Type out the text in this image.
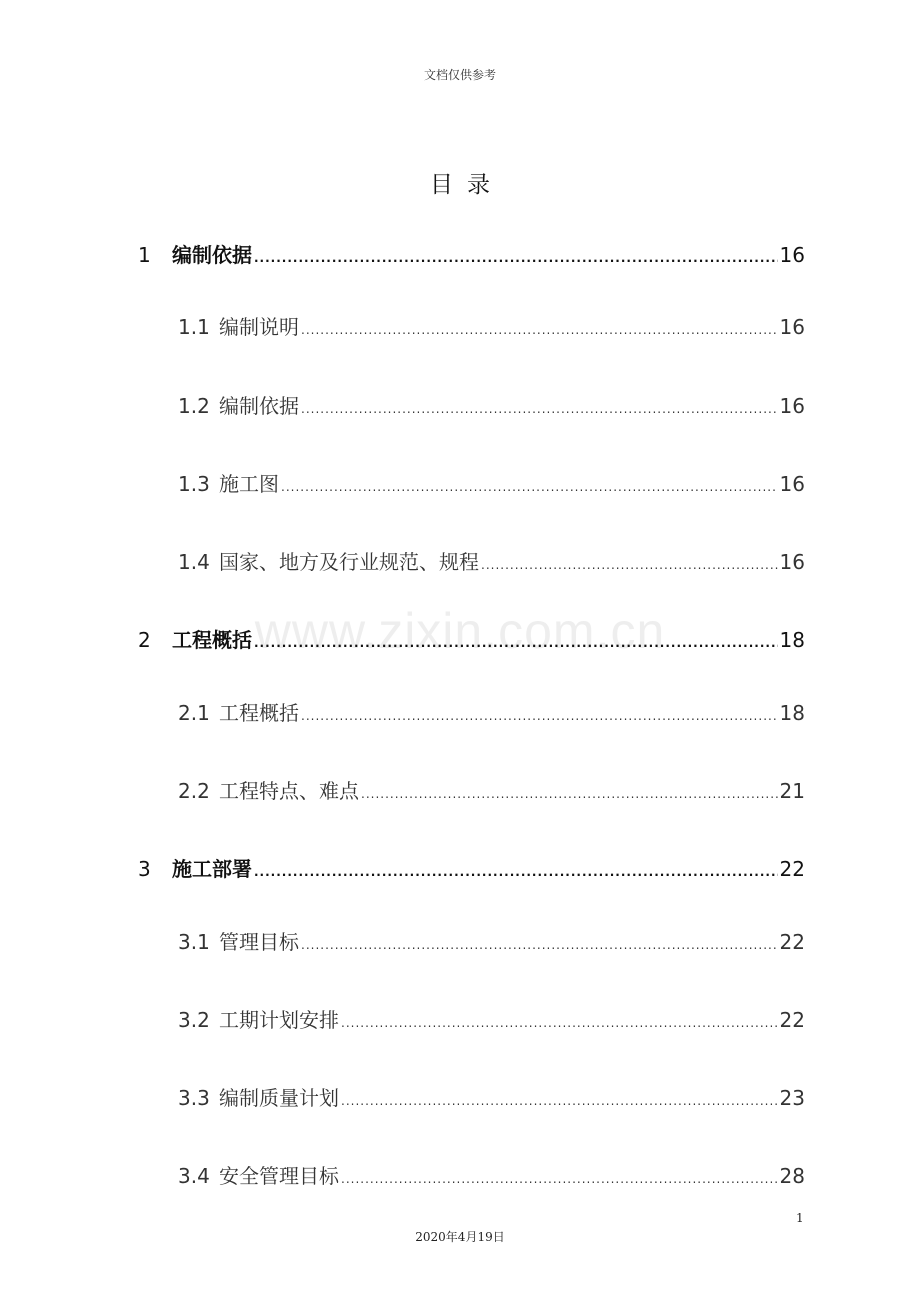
文档仅供参考
目录
www.zixin.com.cn
1	编制依据 .....	16
1.1 编制说明 .....	16
1.2 编制依据 .....	16
1.3 施工图 .....	16
1.4 国家、地方及行业规范、规程 .....	16
2	工程概括 .....	18
2.1 工程概括 .....	18
2.2 工程特点、难点 .....	21
3	施工部署 .....	22
3.1 管理目标 .....	22
3.2 工期计划安排 .....	22
3.3 编制质量计划 .....	23
3.4 安全管理目标 .....	28
1
2020年4月19日
